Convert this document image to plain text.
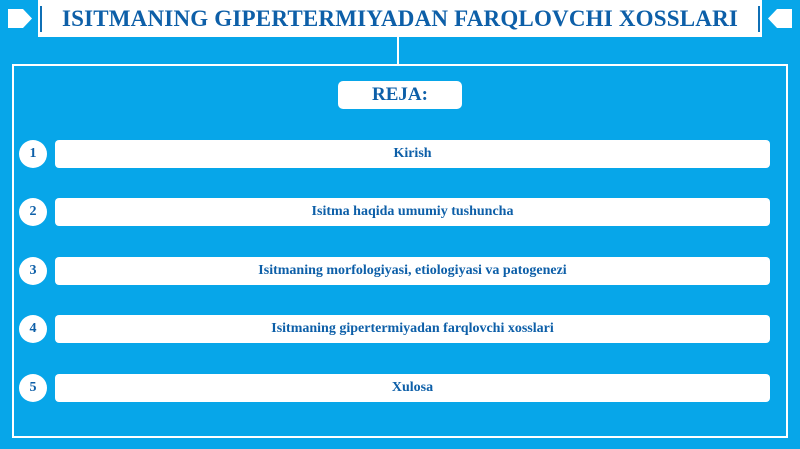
ISITMANING GIPERTERMIYADAN FARQLOVCHI XOSSLARI
REJA:
1	Kirish
2	Isitma haqida umumiy tushuncha
3	Isitmaning morfologiyasi, etiologiyasi va patogenezi
4	Isitmaning gipertermiyadan farqlovchi xosslari
5	Xulosa
